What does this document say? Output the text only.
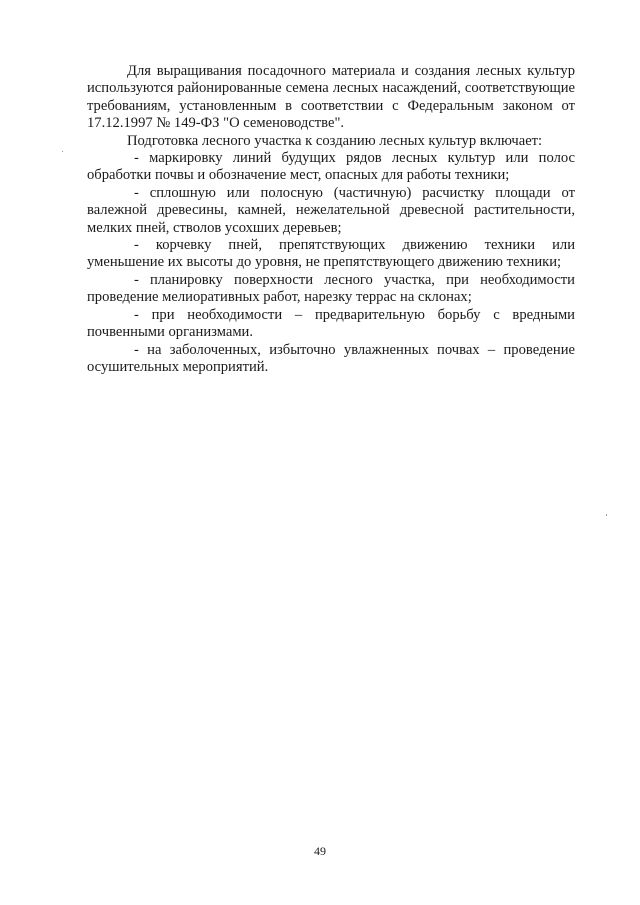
Для выращивания посадочного материала и создания лесных культур используются районированные семена лесных насаждений, соответствующие требованиям, установленным в соответствии с Федеральным законом от 17.12.1997 № 149-ФЗ "О семеноводстве".

Подготовка лесного участка к созданию лесных культур включает:

- маркировку линий будущих рядов лесных культур или полос обработки почвы и обозначение мест, опасных для работы техники;

- сплошную или полосную (частичную) расчистку площади от валежной древесины, камней, нежелательной древесной растительности, мелких пней, стволов усохших деревьев;

- корчевку пней, препятствующих движению техники или уменьшение их высоты до уровня, не препятствующего движению техники;

- планировку поверхности лесного участка, при необходимости проведение мелиоративных работ, нарезку террас на склонах;

- при необходимости – предварительную борьбу с вредными почвенными организмами.

- на заболоченных, избыточно увлажненных почвах – проведение осушительных мероприятий.

49
